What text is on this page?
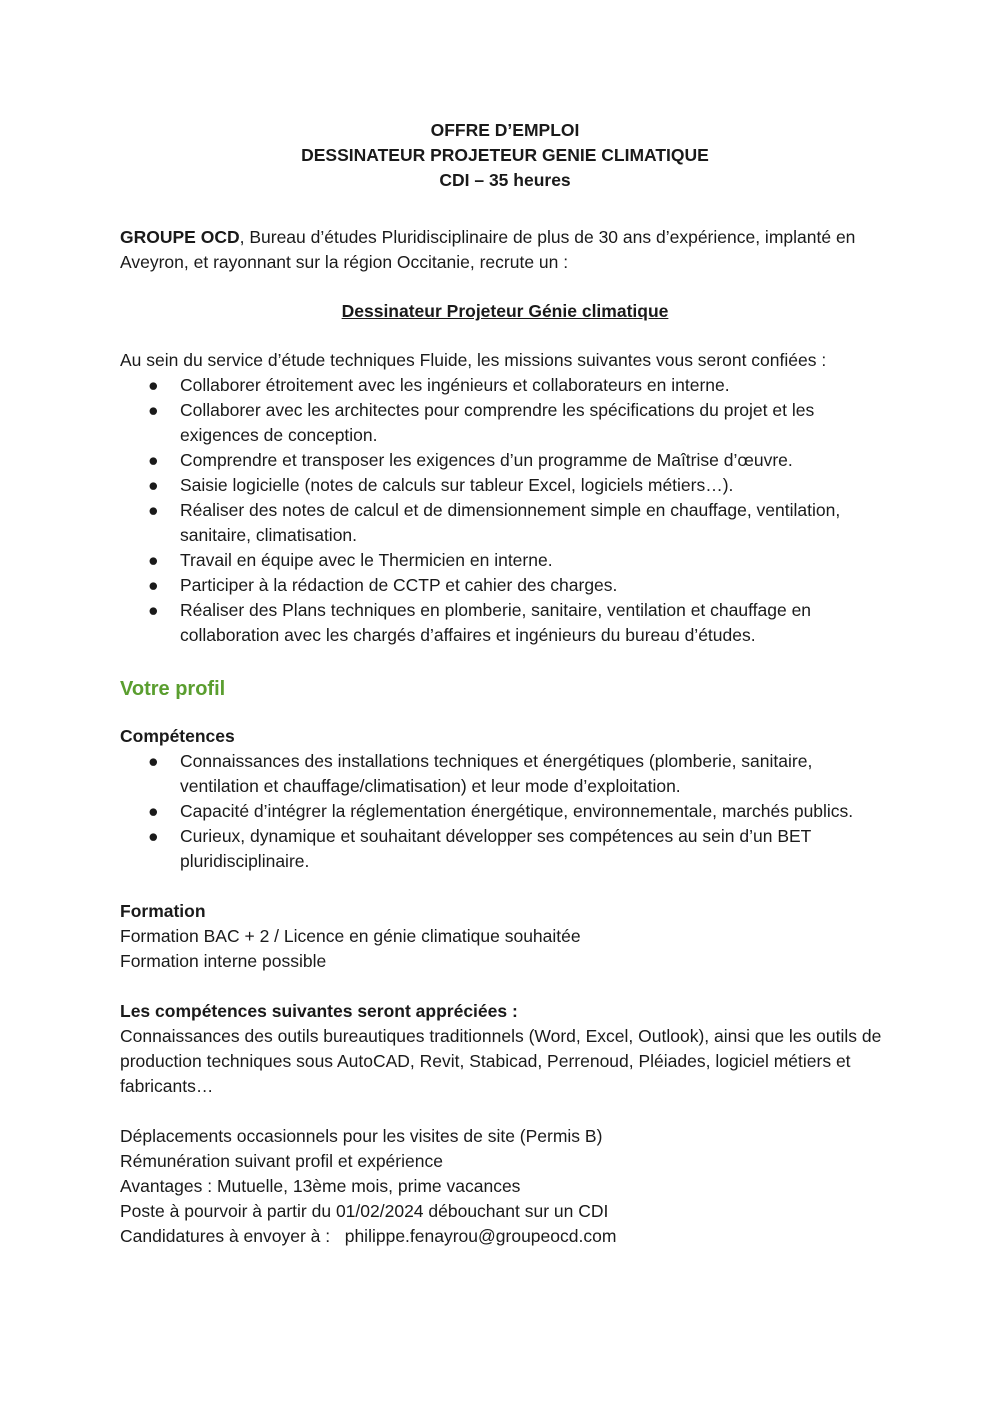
OFFRE D’EMPLOI
DESSINATEUR PROJETEUR GENIE CLIMATIQUE
CDI – 35 heures

GROUPE OCD, Bureau d’études Pluridisciplinaire de plus de 30 ans d’expérience, implanté en Aveyron, et rayonnant sur la région Occitanie, recrute un :

Dessinateur Projeteur Génie climatique

Au sein du service d’étude techniques Fluide, les missions suivantes vous seront confiées :

● Collaborer étroitement avec les ingénieurs et collaborateurs en interne.
● Collaborer avec les architectes pour comprendre les spécifications du projet et les exigences de conception.
● Comprendre et transposer les exigences d’un programme de Maîtrise d’œuvre.
● Saisie logicielle (notes de calculs sur tableur Excel, logiciels métiers…).
● Réaliser des notes de calcul et de dimensionnement simple en chauffage, ventilation, sanitaire, climatisation.
● Travail en équipe avec le Thermicien en interne.
● Participer à la rédaction de CCTP et cahier des charges.
● Réaliser des Plans techniques en plomberie, sanitaire, ventilation et chauffage en collaboration avec les chargés d’affaires et ingénieurs du bureau d’études.

Votre profil

Compétences

● Connaissances des installations techniques et énergétiques (plomberie, sanitaire, ventilation et chauffage/climatisation) et leur mode d’exploitation.
● Capacité d’intégrer la réglementation énergétique, environnementale, marchés publics.
● Curieux, dynamique et souhaitant développer ses compétences au sein d’un BET pluridisciplinaire.

Formation

Formation BAC + 2 / Licence en génie climatique souhaitée

Formation interne possible

Les compétences suivantes seront appréciées :

Connaissances des outils bureautiques traditionnels (Word, Excel, Outlook), ainsi que les outils de production techniques sous AutoCAD, Revit, Stabicad, Perrenoud, Pléiades, logiciel métiers et fabricants…

Déplacements occasionnels pour les visites de site (Permis B)

Rémunération suivant profil et expérience

Avantages : Mutuelle, 13ème mois, prime vacances

Poste à pourvoir à partir du 01/02/2024 débouchant sur un CDI

Candidatures à envoyer à :   philippe.fenayrou@groupeocd.com
